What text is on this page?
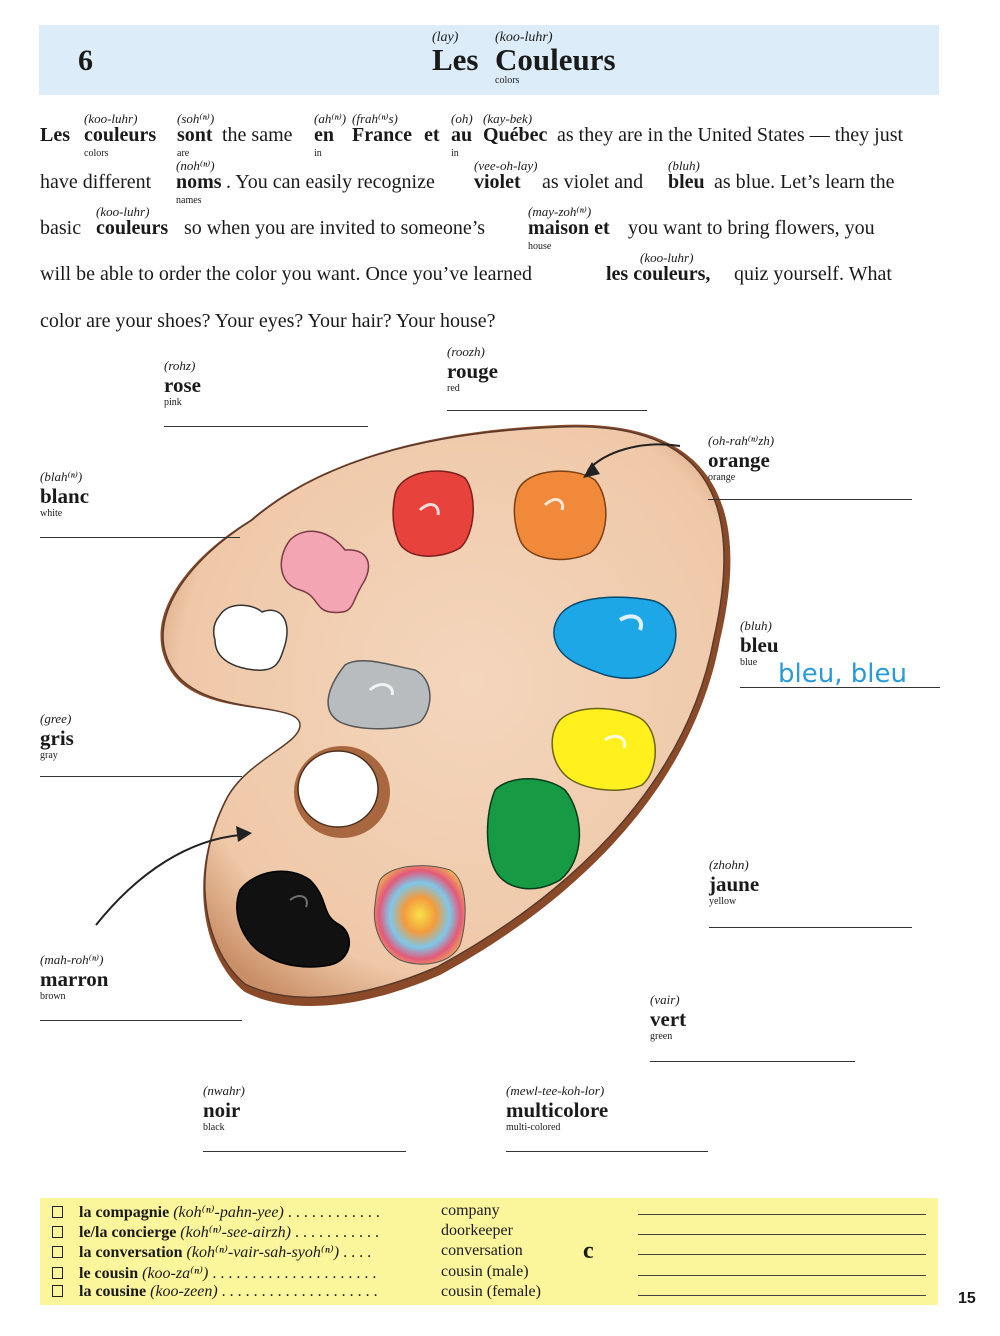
6
(lay)
Les
(koo-luhr)
Couleurs
colors
Les
(koo-luhr)
couleurs
colors
(soh⁽ⁿ⁾)
sont
are
the same
(ah⁽ⁿ⁾)
en
in
(frah⁽ⁿ⁾s)
France et
(oh)
au
in
(kay-bek)
Québec as they are in the United States — they just
have different
(noh⁽ⁿ⁾)
noms
names
. You can easily recognize
(vee-oh-lay)
violet as violet and
(bluh)
bleu as blue. Let’s learn the
basic
(koo-luhr)
couleurs so when you are invited to someone’s
(may-zoh⁽ⁿ⁾)
maison et
house
you want to bring flowers, you
will be able to order the color you want. Once you’ve learned
(koo-luhr)
les couleurs, quiz yourself. What
color are your shoes? Your eyes? Your hair? Your house?
(rohz)
rose
pink
(roozh)
rouge
red
(oh-rah⁽ⁿ⁾zh)
orange
orange
(blah⁽ⁿ⁾)
blanc
white
(bluh)
bleu
blue bleu, bleu
(gree)
gris
gray
(zhohn)
jaune
yellow
(mah-roh⁽ⁿ⁾)
marron
brown	(vair)
vert
green
(nwahr)
noir
black
(mewl-tee-koh-lor)
multicolore
multi-colored
la compagnie (koh⁽ⁿ⁾-pahn-yee) . . . . . . . . . . . .	company
le/la concierge (koh⁽ⁿ⁾-see-airzh) . . . . . . . . . . .	doorkeeper
la conversation (koh⁽ⁿ⁾-vair-sah-syoh⁽ⁿ⁾) . . . .	conversation
le cousin (koo-za⁽ⁿ⁾) . . . . . . . . . . . . . . . . . . . . .	cousin (male)
la cousine (koo-zeen) . . . . . . . . . . . . . . . . . . . .	cousin (female)
c
15
